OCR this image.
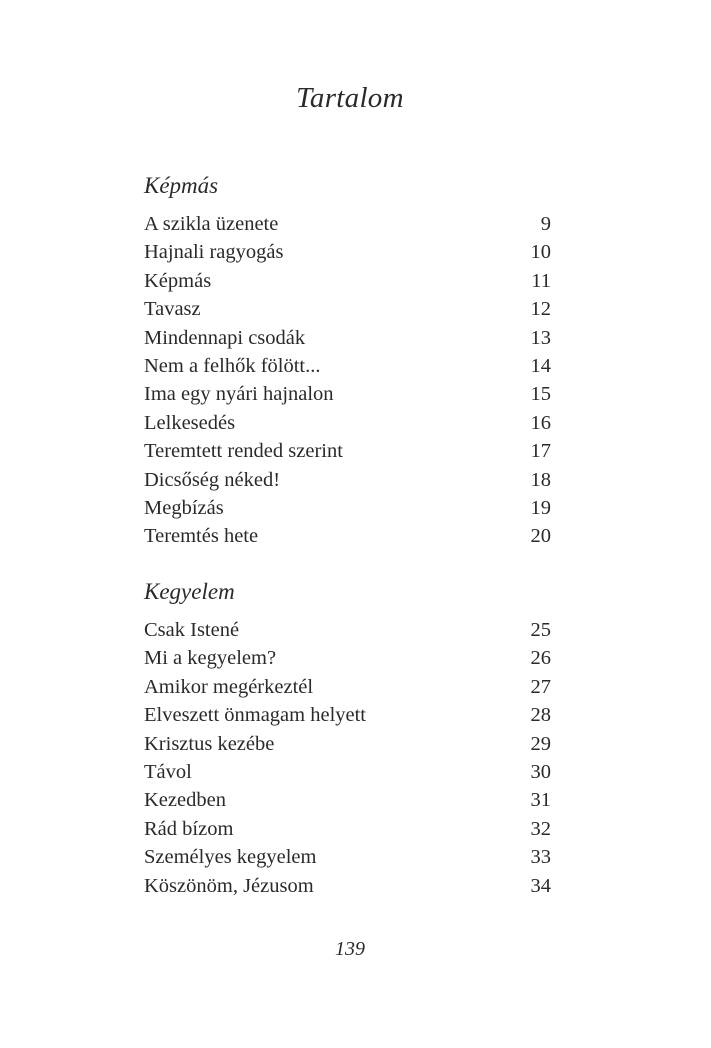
Tartalom
Képmás
A szikla üzenete	9
Hajnali ragyogás	10
Képmás	11
Tavasz	12
Mindennapi csodák	13
Nem a felhők fölött...	14
Ima egy nyári hajnalon	15
Lelkesedés	16
Teremtett rended szerint	17
Dicsőség néked!	18
Megbízás	19
Teremtés hete	20
Kegyelem
Csak Istené	25
Mi a kegyelem?	26
Amikor megérkeztél	27
Elveszett önmagam helyett	28
Krisztus kezébe	29
Távol	30
Kezedben	31
Rád bízom	32
Személyes kegyelem	33
Köszönöm, Jézusom	34
139
